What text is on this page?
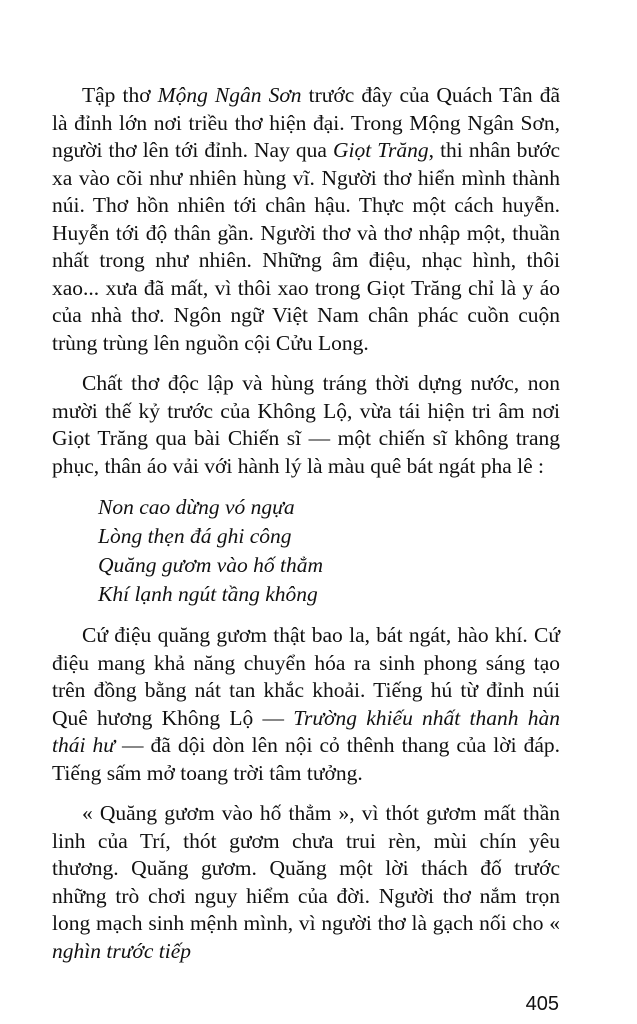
Tập thơ Mộng Ngân Sơn trước đây của Quách Tân đã là đỉnh lớn nơi triều thơ hiện đại. Trong Mộng Ngân Sơn, người thơ lên tới đỉnh. Nay qua Giọt Trăng, thi nhân bước xa vào cõi như nhiên hùng vĩ. Người thơ hiển mình thành núi. Thơ hồn nhiên tới chân hậu. Thực một cách huyễn. Huyễn tới độ thân gần. Người thơ và thơ nhập một, thuần nhất trong như nhiên. Những âm điệu, nhạc hình, thôi xao... xưa đã mất, vì thôi xao trong Giọt Trăng chỉ là y áo của nhà thơ. Ngôn ngữ Việt Nam chân phác cuồn cuộn trùng trùng lên nguồn cội Cửu Long.

Chất thơ độc lập và hùng tráng thời dựng nước, non mười thế kỷ trước của Không Lộ, vừa tái hiện tri âm nơi Giọt Trăng qua bài Chiến sĩ — một chiến sĩ không trang phục, thân áo vải với hành lý là màu quê bát ngát pha lê :

Non cao dừng vó ngựa
Lòng thẹn đá ghi công
Quăng gươm vào hố thẳm
Khí lạnh ngút tầng không

Cứ điệu quăng gươm thật bao la, bát ngát, hào khí. Cứ điệu mang khả năng chuyển hóa ra sinh phong sáng tạo trên đồng bằng nát tan khắc khoải. Tiếng hú từ đỉnh núi Quê hương Không Lộ — Trường khiếu nhất thanh hàn thái hư — đã dội dòn lên nội cỏ thênh thang của lời đáp. Tiếng sấm mở toang trời tâm tưởng.

« Quăng gươm vào hố thẳm », vì thót gươm mất thần linh của Trí, thót gươm chưa trui rèn, mùi chín yêu thương. Quăng gươm. Quăng một lời thách đố trước những trò chơi nguy hiểm của đời. Người thơ nắm trọn long mạch sinh mệnh mình, vì người thơ là gạch nối cho « nghìn trước tiếp

405
